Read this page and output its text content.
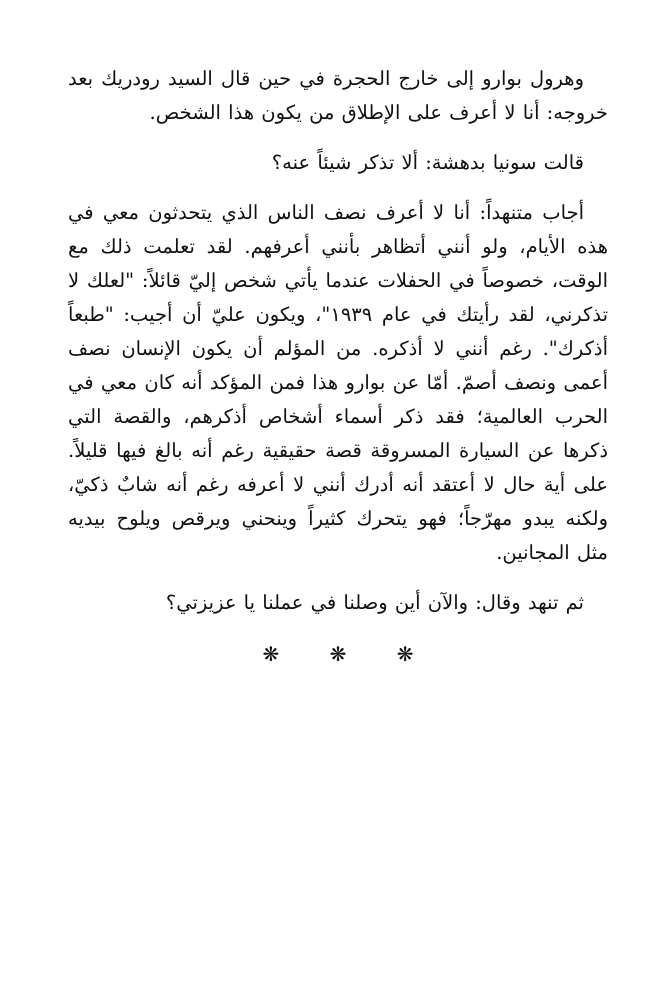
وهرول بوارو إلى خارج الحجرة في حين قال السيد رودريك بعد خروجه: أنا لا أعرف على الإطلاق من يكون هذا الشخص.

قالت سونيا بدهشة: ألا تذكر شيئاً عنه؟

أجاب متنهداً: أنا لا أعرف نصف الناس الذي يتحدثون معي في هذه الأيام، ولو أنني أتظاهر بأنني أعرفهم. لقد تعلمت ذلك مع الوقت، خصوصاً في الحفلات عندما يأتي شخص إليّ قائلاً: "لعلك لا تذكرني، لقد رأيتك في عام ١٩٣٩"، ويكون عليّ أن أجيب: "طبعاً أذكرك". رغم أنني لا أذكره. من المؤلم أن يكون الإنسان نصف أعمى ونصف أصمّ. أمّا عن بوارو هذا فمن المؤكد أنه كان معي في الحرب العالمية؛ فقد ذكر أسماء أشخاص أذكرهم، والقصة التي ذكرها عن السيارة المسروقة قصة حقيقية رغم أنه بالغ فيها قليلاً. على أية حال لا أعتقد أنه أدرك أنني لا أعرفه رغم أنه شابٌ ذكيّ، ولكنه يبدو مهرّجاً؛ فهو يتحرك كثيراً وينحني ويرقص ويلوح بيديه مثل المجانين.

ثم تنهد وقال: والآن أين وصلنا في عملنا يا عزيزتي؟

❋ ❋ ❋
